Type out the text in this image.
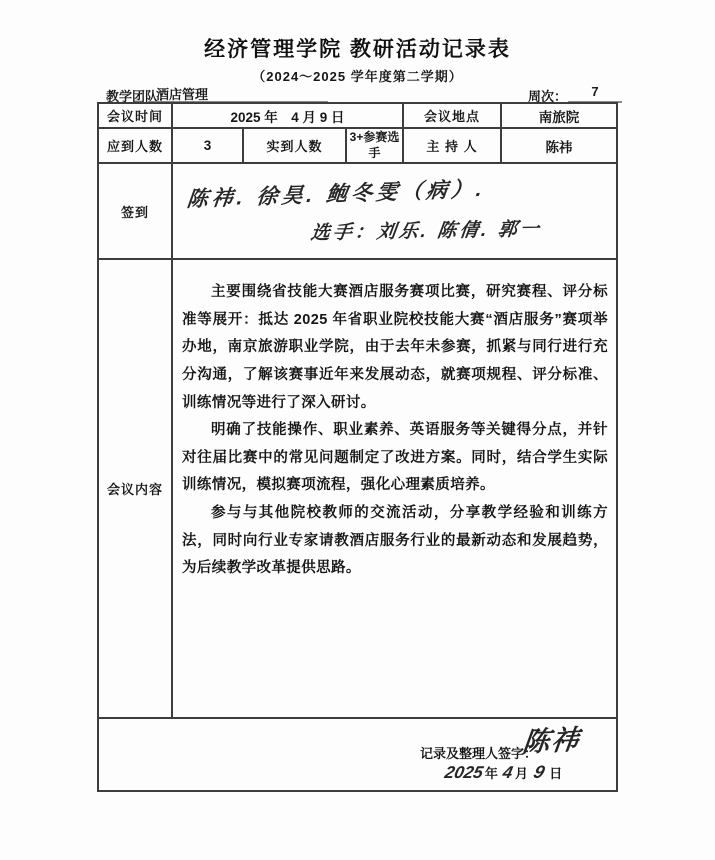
经济管理学院 教研活动记录表
（2024～2025 学年度第二学期）
教学团队：
酒店管理	周次：	7
会议时间	2025 年　4 月 9 日			会议地点	南旅院
应到人数	3	实到人数	3+参赛选手	主 持 人	陈祎
签到	陈祎. 徐昊. 鲍冬雯（病）.
选手：刘乐. 陈倩. 郭一				

会议内容	主要围绕省技能大赛酒店服务赛项比赛，研究赛程、评分标准等展开：抵达 2025 年省职业院校技能大赛“酒店服务”赛项举办地，南京旅游职业学院，由于去年未参赛，抓紧与同行进行充分沟通，了解该赛事近年来发展动态，就赛项规程、评分标准、训练情况等进行了深入研讨。

明确了技能操作、职业素养、英语服务等关键得分点，并针对往届比赛中的常见问题制定了改进方案。同时，结合学生实际训练情况，模拟赛项流程，强化心理素质培养。

参与与其他院校教师的交流活动，分享教学经验和训练方法，同时向行业专家请教酒店服务行业的最新动态和发展趋势，为后续教学改革提供思路。				

记录及整理人签字：
陈祎
2025年 4月 9 日					
